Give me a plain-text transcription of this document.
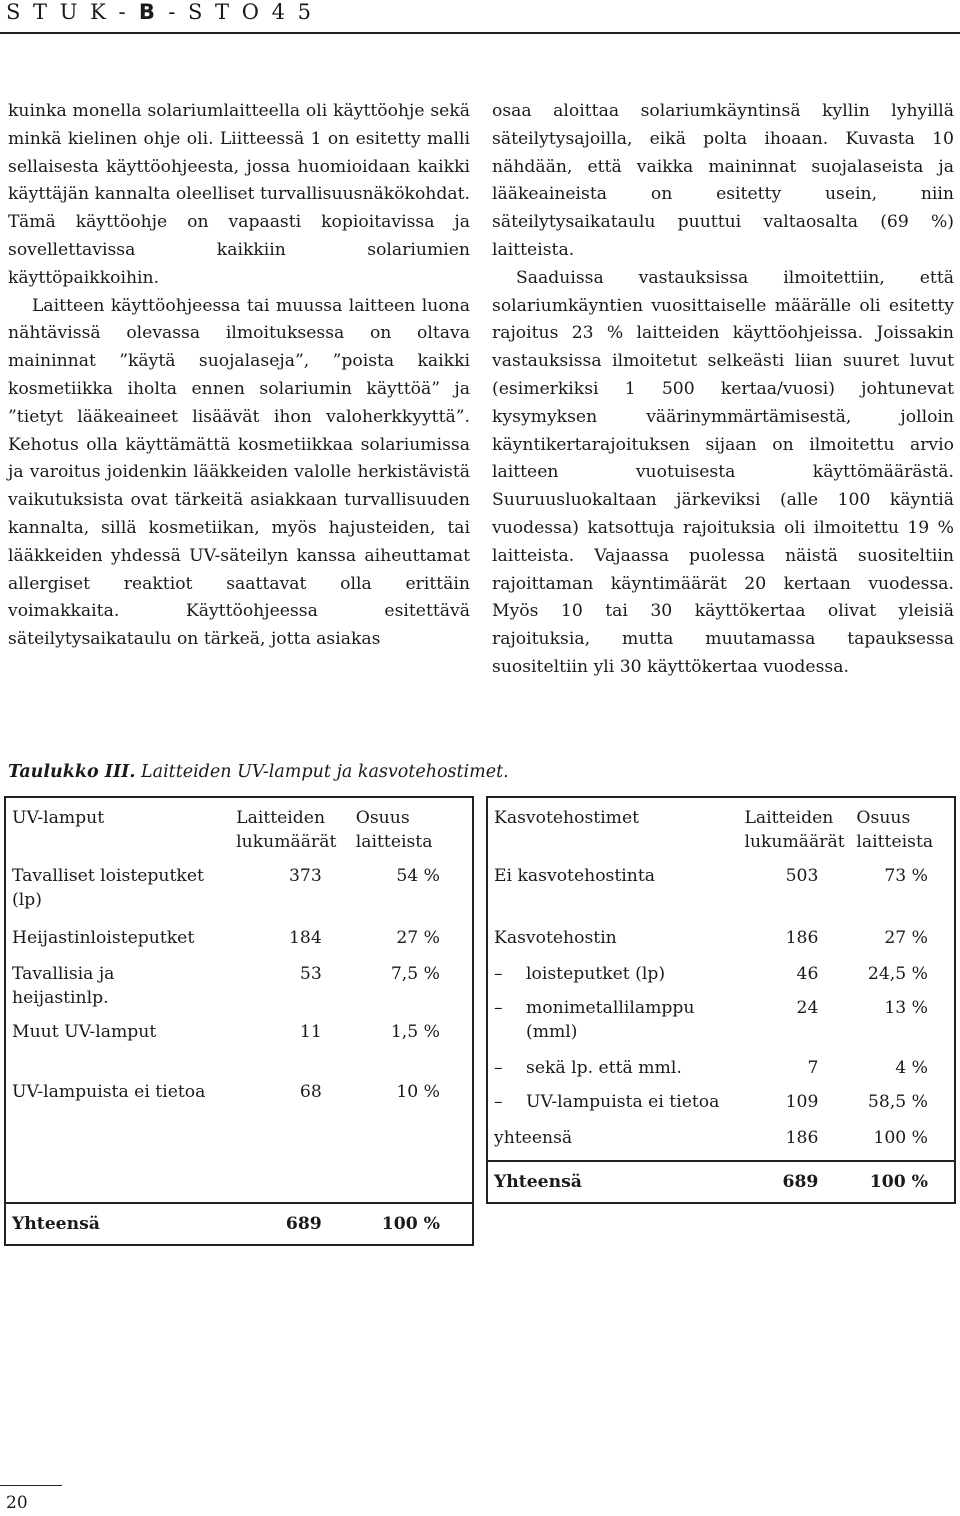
S T U K - B - S T O 4 5

kuinka monella solariumlaitteella oli käyttöohje sekä minkä kielinen ohje oli. Liitteessä 1 on esitetty malli sellaisesta käyttöohjeesta, jossa huomioidaan kaikki käyttäjän kannalta oleelliset turvallisuusnäkökohdat. Tämä käyttöohje on vapaasti kopioitavissa ja sovellettavissa kaikkiin solariumien käyttöpaikkoihin.

Laitteen käyttöohjeessa tai muussa laitteen luona nähtävissä olevassa ilmoituksessa on oltava maininnat ”käytä suojalaseja”, ”poista kaikki kosmetiikka iholta ennen solariumin käyttöä” ja ”tietyt lääkeaineet lisäävät ihon valoherkkyyttä”. Kehotus olla käyttämättä kosmetiikkaa solariumissa ja varoitus joidenkin lääkkeiden valolle herkistävistä vaikutuksista ovat tärkeitä asiakkaan turvallisuuden kannalta, sillä kosmetiikan, myös hajusteiden, tai lääkkeiden yhdessä UV-säteilyn kanssa aiheuttamat allergiset reaktiot saattavat olla erittäin voimakkaita. Käyttöohjeessa esitettävä säteilytysaikataulu on tärkeä, jotta asiakas

osaa aloittaa solariumkäyntinsä kyllin lyhyillä säteilytysajoilla, eikä polta ihoaan. Kuvasta 10 nähdään, että vaikka maininnat suojalaseista ja lääkeaineista on esitetty usein, niin säteilytysaikataulu puuttui valtaosalta (69 %) laitteista.

Saaduissa vastauksissa ilmoitettiin, että solariumkäyntien vuosittaiselle määrälle oli esitetty rajoitus 23 % laitteiden käyttöohjeissa. Joissakin vastauksissa ilmoitetut selkeästi liian suuret luvut (esimerkiksi 1 500 kertaa/vuosi) johtunevat kysymyksen väärinymmärtämisestä, jolloin käyntikertarajoituksen sijaan on ilmoitettu arvio laitteen vuotuisesta käyttömäärästä. Suuruusluokaltaan järkeviksi (alle 100 käyntiä vuodessa) katsottuja rajoituksia oli ilmoitettu 19 % laitteista. Vajaassa puolessa näistä suositeltiin rajoittaman käyntimäärät 20 kertaan vuodessa. Myös 10 tai 30 käyttökertaa olivat yleisiä rajoituksia, mutta muutamassa tapauksessa suositeltiin yli 30 käyttökertaa vuodessa.

Taulukko III. Laitteiden UV-lamput ja kasvotehostimet.
UV-lamput	Laitteiden lukumäärät	Osuus laitteista
Tavalliset loisteputket (lp)	373	54 %
Heijastinloisteputket	184	27 %
Tavallisia ja heijastinlp.	53	7,5 %
Muut UV-lamput	11	1,5 %
UV-lampuista ei tietoa	68	10 %
Yhteensä	689	100 %
Kasvotehostimet	Laitteiden lukumäärät	Osuus laitteista
Ei kasvotehostinta	503	73 %
Kasvotehostin	186	27 %

– loisteputket (lp)	46	24,5 %

– monimetallilamppu (mml)	24	13 %

– sekä lp. että mml.	7	4 %

– UV-lampuista ei tietoa	109	58,5 %
yhteensä	186	100 %
Yhteensä	689	100 %
20
